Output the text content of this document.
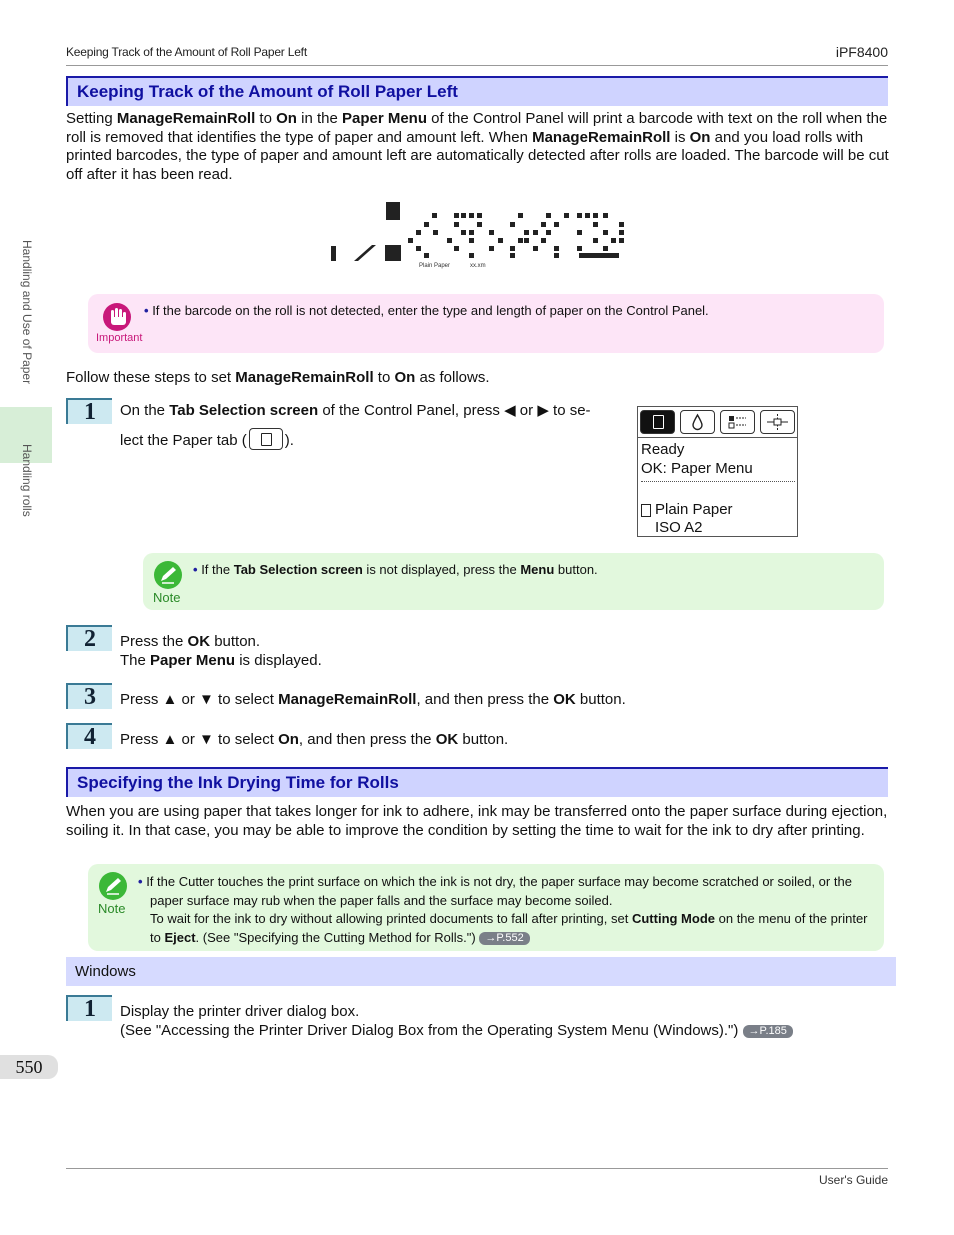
Keeping Track of the Amount of Roll Paper Left	iPF8400
Handling and Use of Paper
Handling rolls
Keeping Track of the Amount of Roll Paper Left
Setting ManageRemainRoll to On in the Paper Menu of the Control Panel will print a barcode with text on the roll when the roll is removed that identifies the type of paper and amount left. When ManageRemainRoll is On and you load rolls with printed barcodes, the type of paper and amount left are automatically detected after rolls are loaded. The barcode will be cut off after it has been read.
Plain Paper	xx.xm
Important
• If the barcode on the roll is not detected, enter the type and length of paper on the Control Panel.
Follow these steps to set ManageRemainRoll to On as follows.
1	On the Tab Selection screen of the Control Panel, press ◀ or ▶ to se-
lect the Paper tab (	).
Ready
OK: Paper Menu
Plain Paper
ISO A2
Note
• If the Tab Selection screen is not displayed, press the Menu button.
2	Press the OK button.
The Paper Menu is displayed.
3	Press ▲ or ▼ to select ManageRemainRoll, and then press the OK button.
4	Press ▲ or ▼ to select On, and then press the OK button.
Specifying the Ink Drying Time for Rolls
When you are using paper that takes longer for ink to adhere, ink may be transferred onto the paper surface during ejection, soiling it. In that case, you may be able to improve the condition by setting the time to wait for the ink to dry after printing.
Note
• If the Cutter touches the print surface on which the ink is not dry, the paper surface may become scratched or soiled, or the
paper surface may rub when the paper falls and the surface may become soiled.
To wait for the ink to dry without allowing printed documents to fall after printing, set Cutting Mode on the menu of the printer
to Eject. (See "Specifying the Cutting Method for Rolls.") →P.552
Windows
1	Display the printer driver dialog box.
(See "Accessing the Printer Driver Dialog Box from the Operating System Menu (Windows).") →P.185
550
User's Guide
